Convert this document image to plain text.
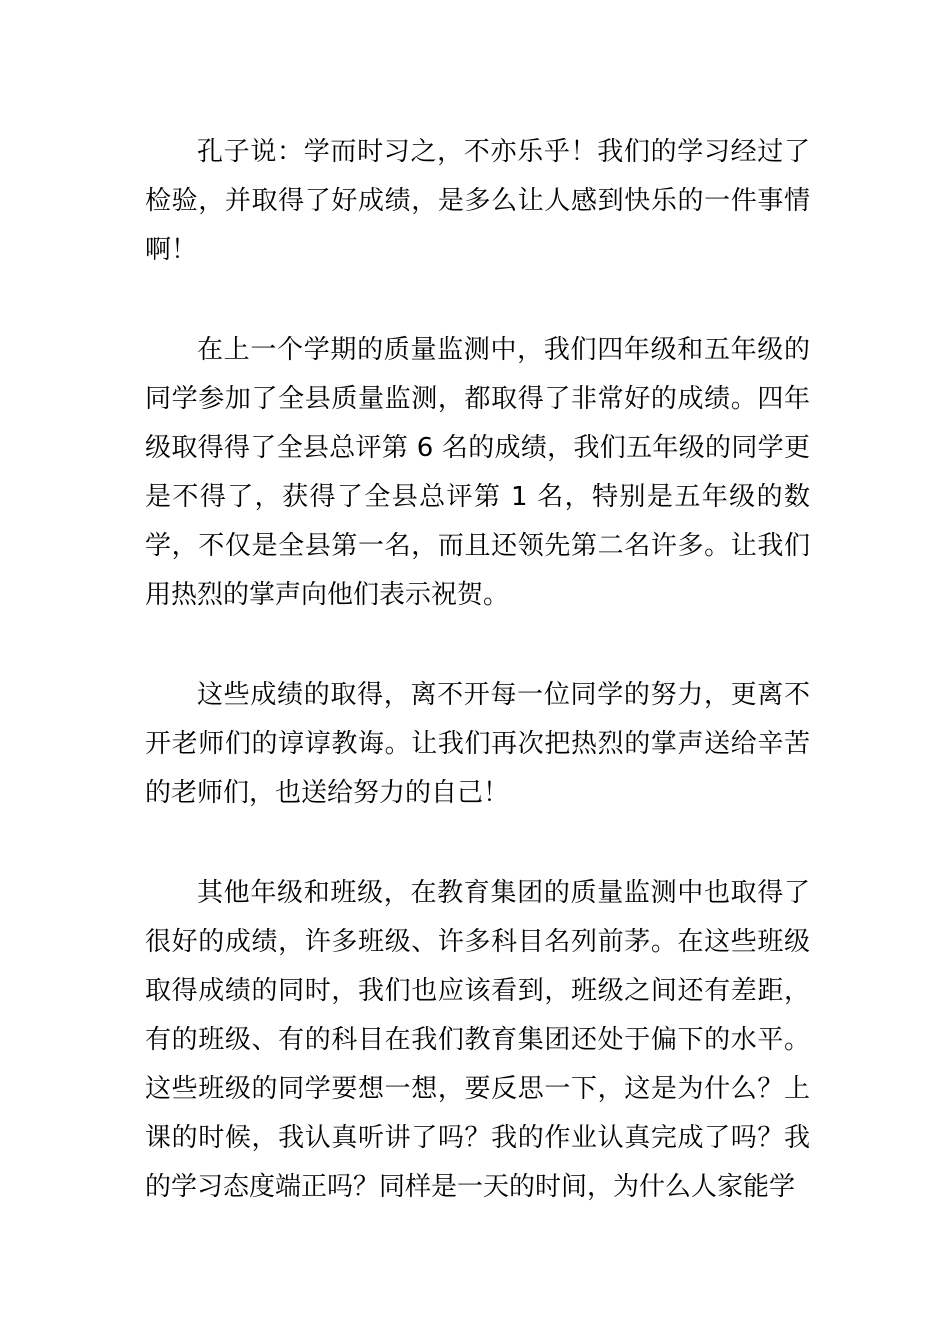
孔子说：学而时习之，不亦乐乎！我们的学习经过了检验，并取得了好成绩，是多么让人感到快乐的一件事情啊！

在上一个学期的质量监测中，我们四年级和五年级的同学参加了全县质量监测，都取得了非常好的成绩。四年级取得得了全县总评第 6 名的成绩，我们五年级的同学更是不得了，获得了全县总评第 1 名，特别是五年级的数学，不仅是全县第一名，而且还领先第二名许多。让我们用热烈的掌声向他们表示祝贺。

这些成绩的取得，离不开每一位同学的努力，更离不开老师们的谆谆教诲。让我们再次把热烈的掌声送给辛苦的老师们，也送给努力的自己！

其他年级和班级，在教育集团的质量监测中也取得了很好的成绩，许多班级、许多科目名列前茅。在这些班级取得成绩的同时，我们也应该看到，班级之间还有差距，有的班级、有的科目在我们教育集团还处于偏下的水平。这些班级的同学要想一想，要反思一下，这是为什么？上课的时候，我认真听讲了吗？我的作业认真完成了吗？我的学习态度端正吗？同样是一天的时间，为什么人家能学
